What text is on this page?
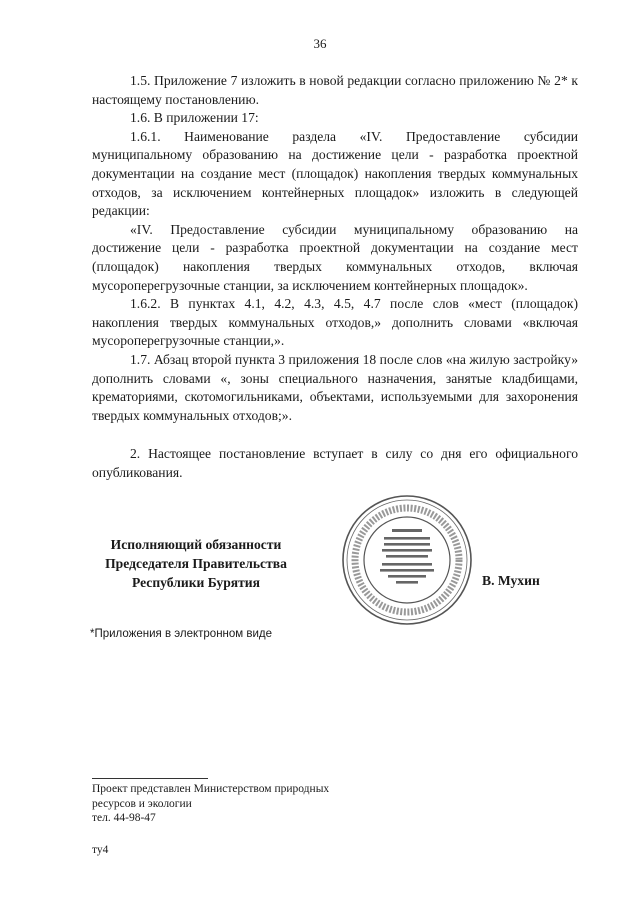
36

1.5. Приложение 7 изложить в новой редакции согласно приложению № 2* к настоящему постановлению.

1.6. В приложении 17:

1.6.1. Наименование раздела «IV. Предоставление субсидии муниципальному образованию на достижение цели - разработка проектной документации на создание мест (площадок) накопления твердых коммунальных отходов, за исключением контейнерных площадок» изложить в следующей редакции:

«IV. Предоставление субсидии муниципальному образованию на достижение цели - разработка проектной документации на создание мест (площадок) накопления твердых коммунальных отходов, включая мусороперегрузочные станции, за исключением контейнерных площадок».

1.6.2. В пунктах 4.1, 4.2, 4.3, 4.5, 4.7 после слов «мест (площадок) накопления твердых коммунальных отходов,» дополнить словами «включая мусороперегрузочные станции,».

1.7. Абзац второй пункта 3 приложения 18 после слов «на жилую застройку» дополнить словами «, зоны специального назначения, занятые кладбищами, крематориями, скотомогильниками, объектами, используемыми для захоронения твердых коммунальных отходов;».

2. Настоящее постановление вступает в силу со дня его официального опубликования.

Исполняющий обязанности
Председателя Правительства
Республики Бурятия	В. Мухин
*Приложения в электронном виде
Проект представлен Министерством природных
ресурсов и экологии
тел. 44-98-47
ту4
